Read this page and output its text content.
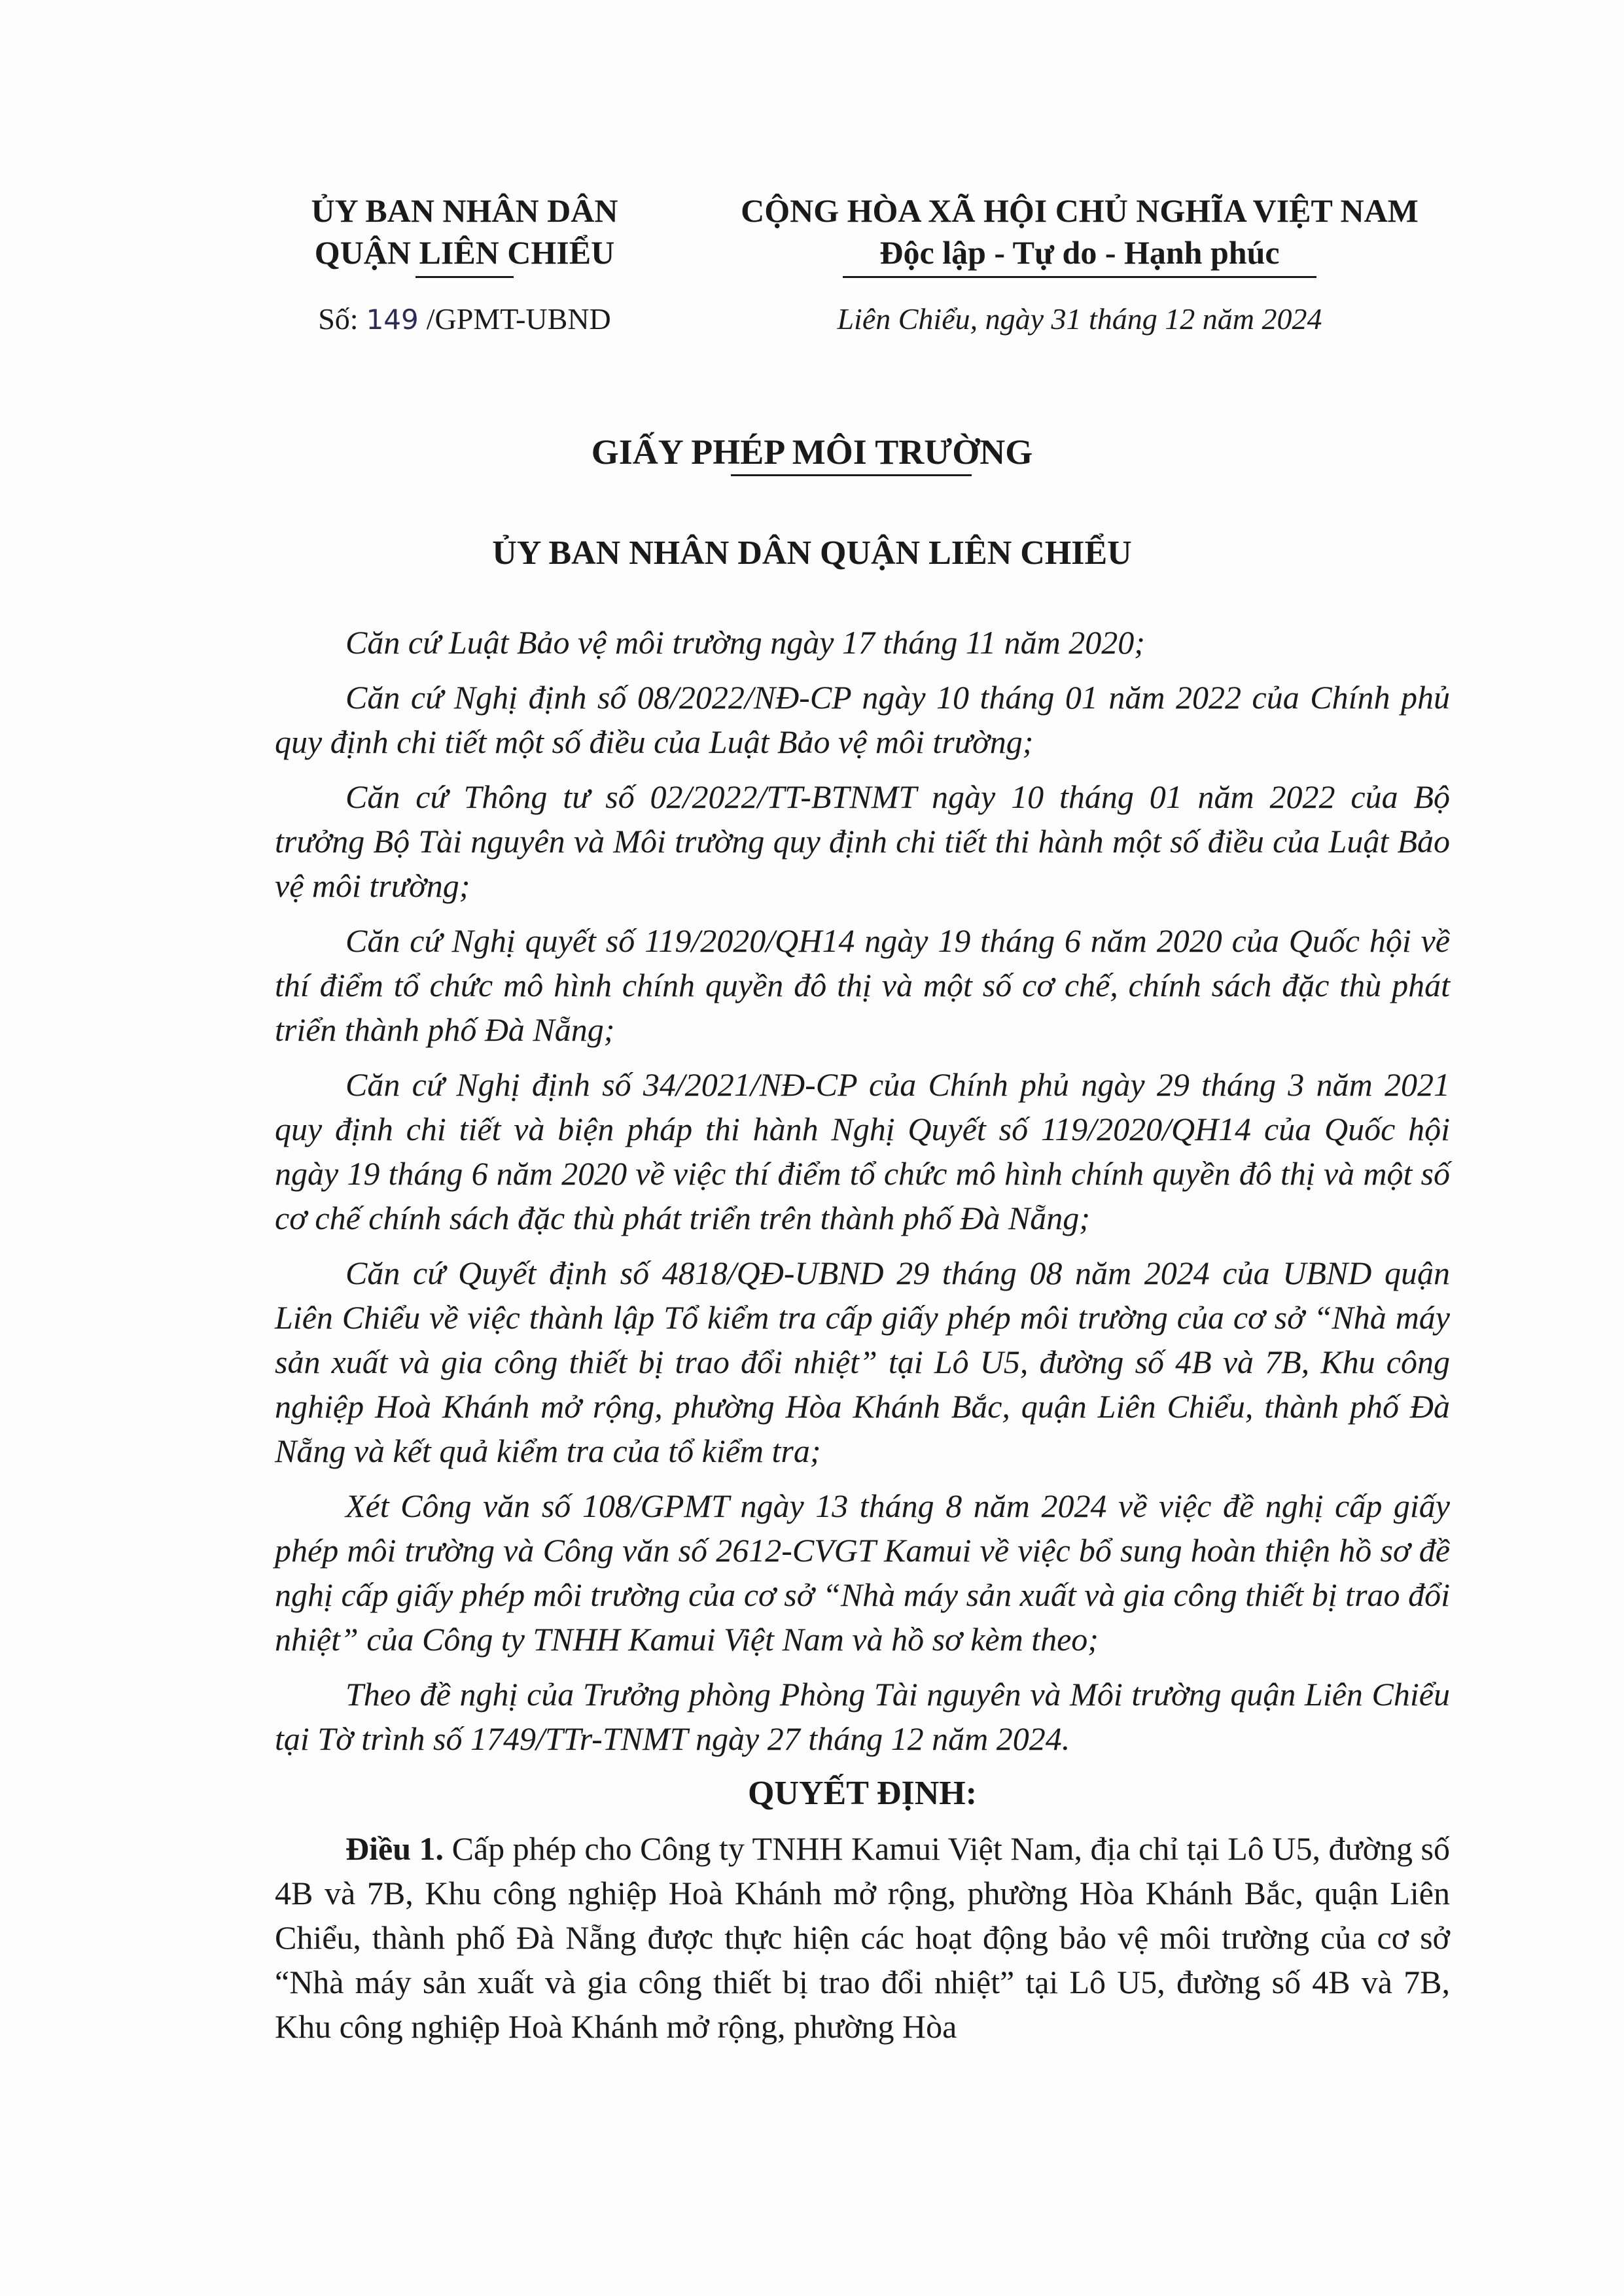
ỦY BAN NHÂN DÂN
QUẬN LIÊN CHIỂU
CỘNG HÒA XÃ HỘI CHỦ NGHĨA VIỆT NAM
Độc lập - Tự do - Hạnh phúc
Số: 149 /GPMT-UBND	Liên Chiểu, ngày 31 tháng 12 năm 2024
GIẤY PHÉP MÔI TRƯỜNG
ỦY BAN NHÂN DÂN QUẬN LIÊN CHIỂU

Căn cứ Luật Bảo vệ môi trường ngày 17 tháng 11 năm 2020;

Căn cứ Nghị định số 08/2022/NĐ-CP ngày 10 tháng 01 năm 2022 của Chính phủ quy định chi tiết một số điều của Luật Bảo vệ môi trường;

Căn cứ Thông tư số 02/2022/TT-BTNMT ngày 10 tháng 01 năm 2022 của Bộ trưởng Bộ Tài nguyên và Môi trường quy định chi tiết thi hành một số điều của Luật Bảo vệ môi trường;

Căn cứ Nghị quyết số 119/2020/QH14 ngày 19 tháng 6 năm 2020 của Quốc hội về thí điểm tổ chức mô hình chính quyền đô thị và một số cơ chế, chính sách đặc thù phát triển thành phố Đà Nẵng;

Căn cứ Nghị định số 34/2021/NĐ-CP của Chính phủ ngày 29 tháng 3 năm 2021 quy định chi tiết và biện pháp thi hành Nghị Quyết số 119/2020/QH14 của Quốc hội ngày 19 tháng 6 năm 2020 về việc thí điểm tổ chức mô hình chính quyền đô thị và một số cơ chế chính sách đặc thù phát triển trên thành phố Đà Nẵng;

Căn cứ Quyết định số 4818/QĐ-UBND 29 tháng 08 năm 2024 của UBND quận Liên Chiểu về việc thành lập Tổ kiểm tra cấp giấy phép môi trường của cơ sở “Nhà máy sản xuất và gia công thiết bị trao đổi nhiệt” tại Lô U5, đường số 4B và 7B, Khu công nghiệp Hoà Khánh mở rộng, phường Hòa Khánh Bắc, quận Liên Chiểu, thành phố Đà Nẵng và kết quả kiểm tra của tổ kiểm tra;

Xét Công văn số 108/GPMT ngày 13 tháng 8 năm 2024 về việc đề nghị cấp giấy phép môi trường và Công văn số 2612-CVGT Kamui về việc bổ sung hoàn thiện hồ sơ đề nghị cấp giấy phép môi trường của cơ sở “Nhà máy sản xuất và gia công thiết bị trao đổi nhiệt” của Công ty TNHH Kamui Việt Nam và hồ sơ kèm theo;

Theo đề nghị của Trưởng phòng Phòng Tài nguyên và Môi trường quận Liên Chiểu tại Tờ trình số 1749/TTr-TNMT ngày 27 tháng 12 năm 2024.

QUYẾT ĐỊNH:

Điều 1. Cấp phép cho Công ty TNHH Kamui Việt Nam, địa chỉ tại Lô U5, đường số 4B và 7B, Khu công nghiệp Hoà Khánh mở rộng, phường Hòa Khánh Bắc, quận Liên Chiểu, thành phố Đà Nẵng được thực hiện các hoạt động bảo vệ môi trường của cơ sở “Nhà máy sản xuất và gia công thiết bị trao đổi nhiệt” tại Lô U5, đường số 4B và 7B, Khu công nghiệp Hoà Khánh mở rộng, phường Hòa
